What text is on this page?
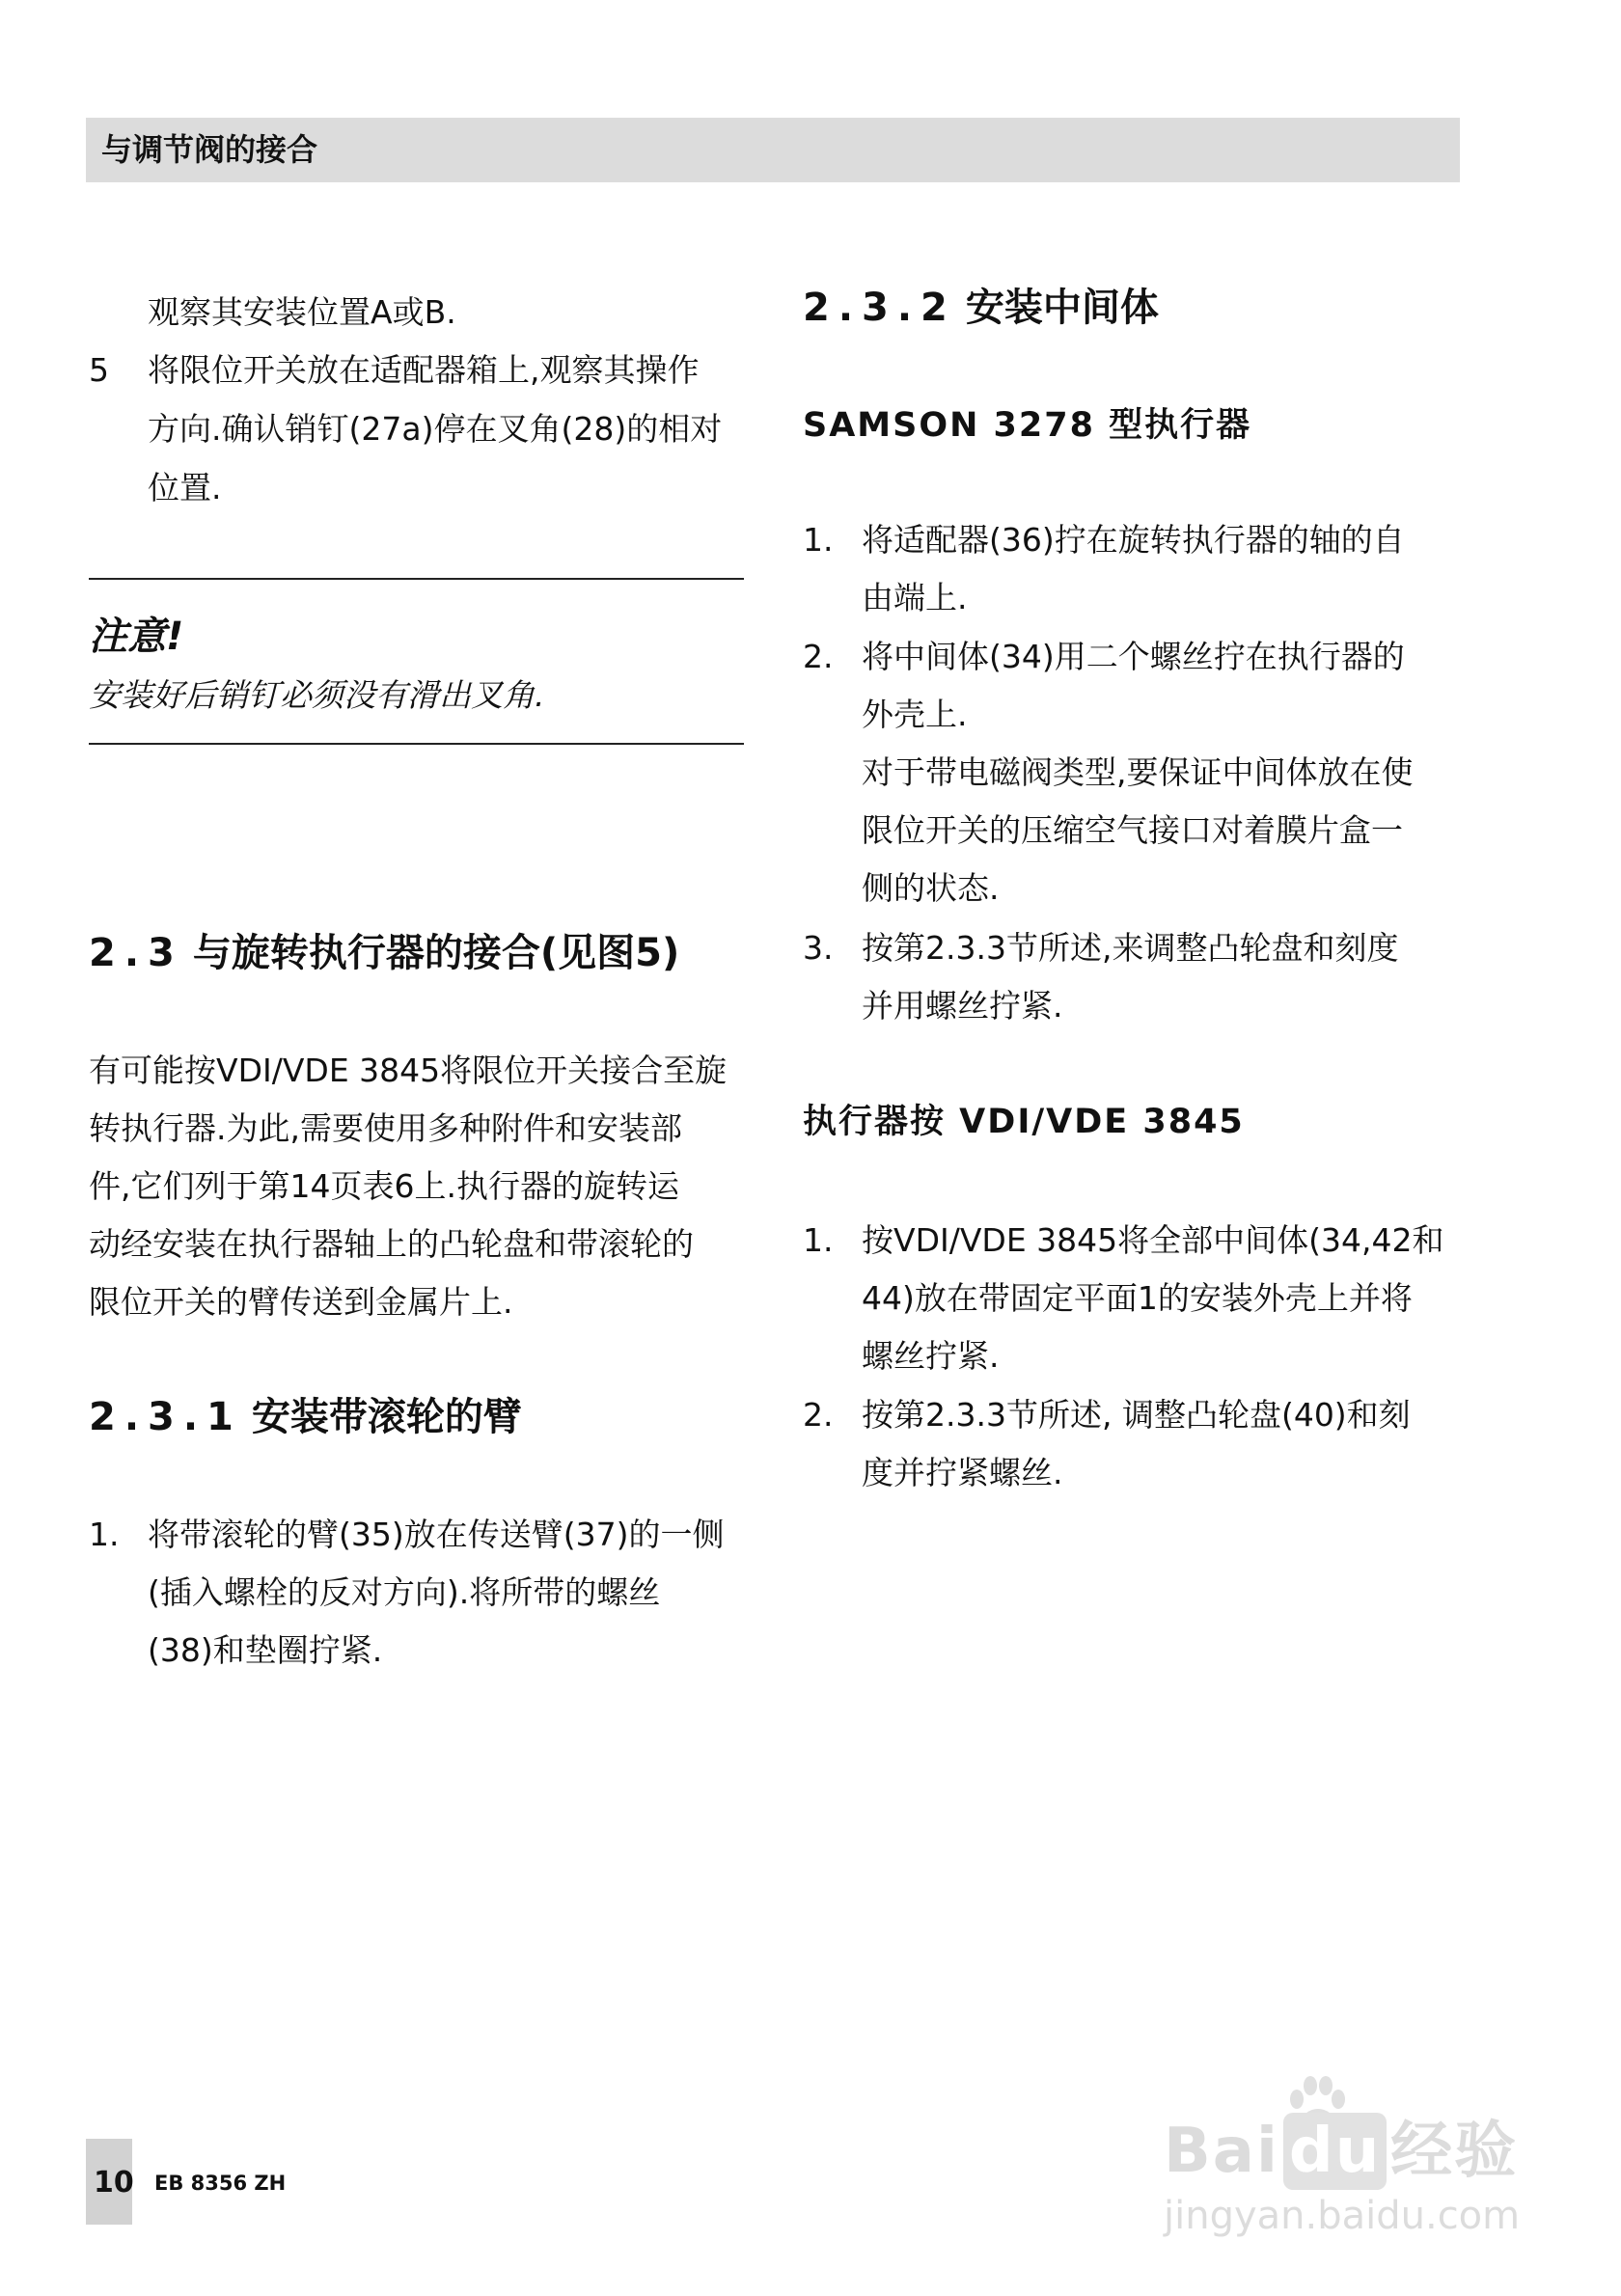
与调节阀的接合
观察其安装位置A或B.
5 将限位开关放在适配器箱上,观察其操作
方向.确认销钉(27a)停在叉角(28)的相对
位置.
注意!
安装好后销钉必须没有滑出叉角.
2.3 与旋转执行器的接合(见图5)
有可能按VDI/VDE 3845将限位开关接合至旋
转执行器.为此,需要使用多种附件和安装部
件,它们列于第14页表6上.执行器的旋转运
动经安装在执行器轴上的凸轮盘和带滚轮的
限位开关的臂传送到金属片上.
2.3.1 安装带滚轮的臂
1. 将带滚轮的臂(35)放在传送臂(37)的一侧
(插入螺栓的反对方向).将所带的螺丝
(38)和垫圈拧紧.
2.3.2 安装中间体
SAMSON 3278 型执行器
1. 将适配器(36)拧在旋转执行器的轴的自
由端上.
2. 将中间体(34)用二个螺丝拧在执行器的
外壳上.
对于带电磁阀类型,要保证中间体放在使
限位开关的压缩空气接口对着膜片盒一
侧的状态.
3. 按第2.3.3节所述,来调整凸轮盘和刻度
并用螺丝拧紧.
执行器按 VDI/VDE 3845
1. 按VDI/VDE 3845将全部中间体(34,42和
44)放在带固定平面1的安装外壳上并将
螺丝拧紧.
2. 按第2.3.3节所述, 调整凸轮盘(40)和刻
度并拧紧螺丝.
10 EB 8356 ZH	Bai du 经验
jingyan.baidu.com
